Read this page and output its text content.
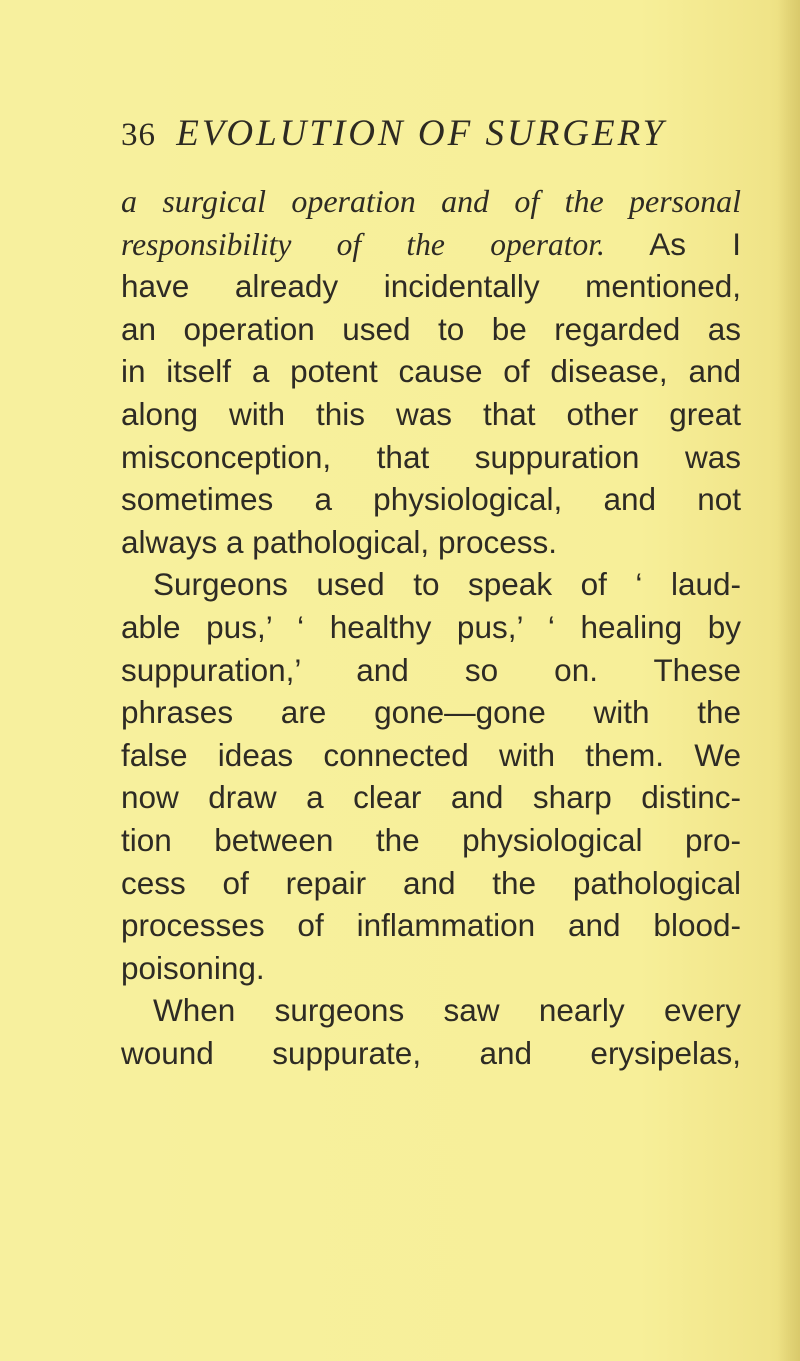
36 EVOLUTION OF SURGERY
a surgical operation and of the personal
responsibility of the operator. As I
have already incidentally mentioned,
an operation used to be regarded as
in itself a potent cause of disease, and
along with this was that other great
misconception, that suppuration was
sometimes a physiological, and not
always a pathological, process.
Surgeons used to speak of ‘ laud-
able pus,’ ‘ healthy pus,’ ‘ healing by
suppuration,’ and so on. These
phrases are gone—gone with the
false ideas connected with them. We
now draw a clear and sharp distinc-
tion between the physiological pro-
cess of repair and the pathological
processes of inflammation and blood-
poisoning.
When surgeons saw nearly every
wound suppurate, and erysipelas,
